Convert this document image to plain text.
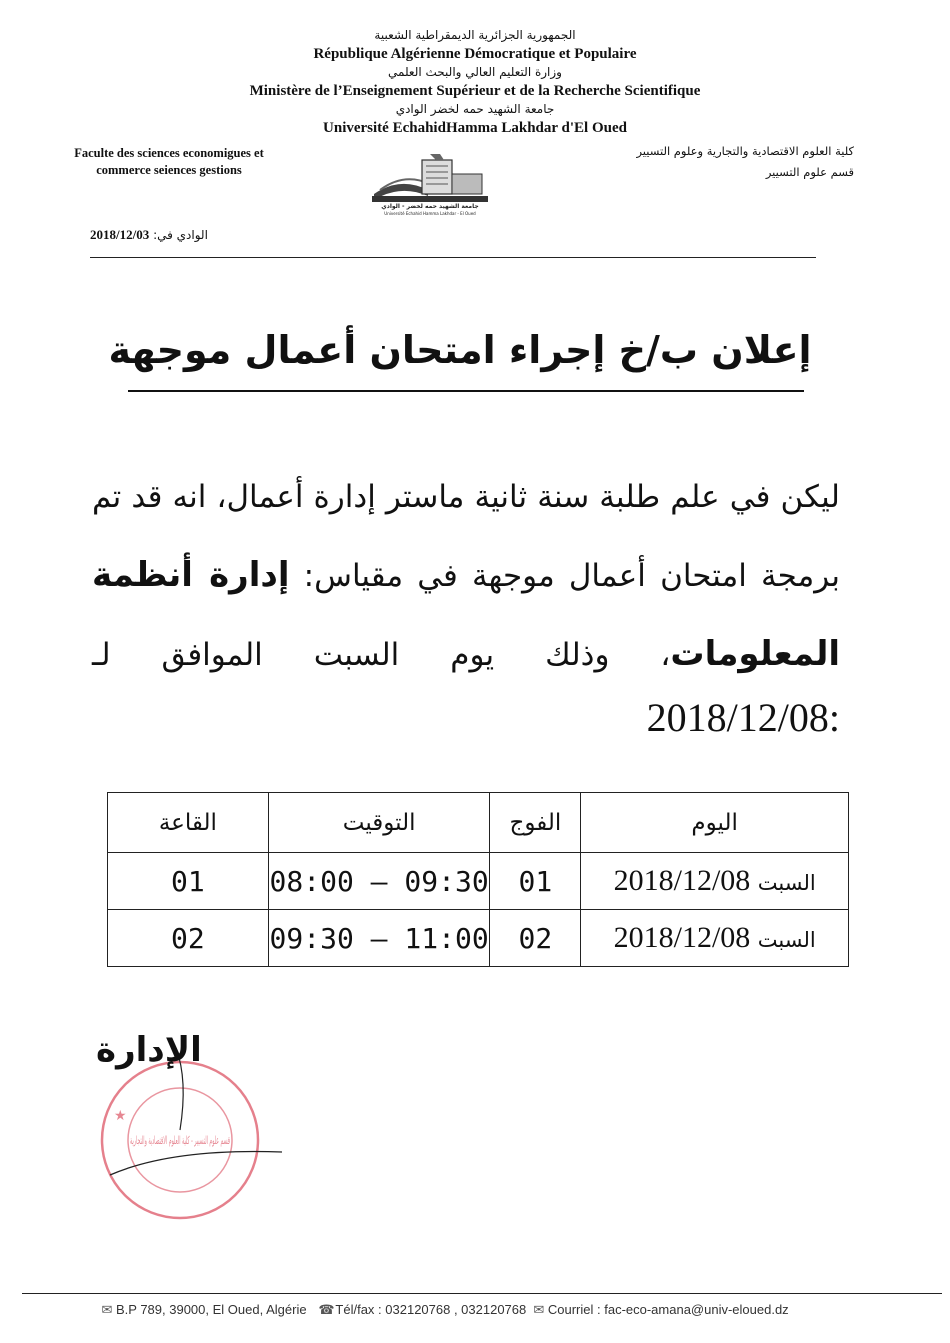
الجمهورية الجزائرية الديمقراطية الشعبية
République Algérienne Démocratique et Populaire
وزارة التعليم العالي والبحث العلمي
Ministère de l’Enseignement Supérieur et de la Recherche Scientifique
جامعة الشهيد حمه لخضر الوادي
Université EchahidHamma Lakhdar d'El Oued
Faculte des sciences economigues et
commerce seiences gestions
كلية العلوم الاقتصادية والتجارية وعلوم التسيير
قسم علوم التسيير
جامعة الشهيد حمه لخضر - الوادي
Université Echahid Hamma Lakhdar - El Oued
الوادي في: 2018/12/03
إعلان ب/خ إجراء امتحان أعمال موجهة
ليكن في علم طلبة سنة ثانية ماستر إدارة أعمال، انه قد تم برمجة امتحان أعمال موجهة في مقياس: إدارة أنظمة المعلومات، وذلك يوم السبت الموافق لـ
:2018/12/08
اليوم	الفوج	التوقيت	القاعة
السبت 2018/12/08	01	08:00 – 09:30	01
السبت 2018/12/08	02	09:30 – 11:00	02
★
قسم علوم التسيير - كلية العلوم الاقتصادية والتجارية
الإدارة
✉ B.P 789, 39000, El Oued, Algérie ☎Tél/fax : 032120768 , 032120768 ✉ Courriel : fac-eco-amana@univ-eloued.dz
